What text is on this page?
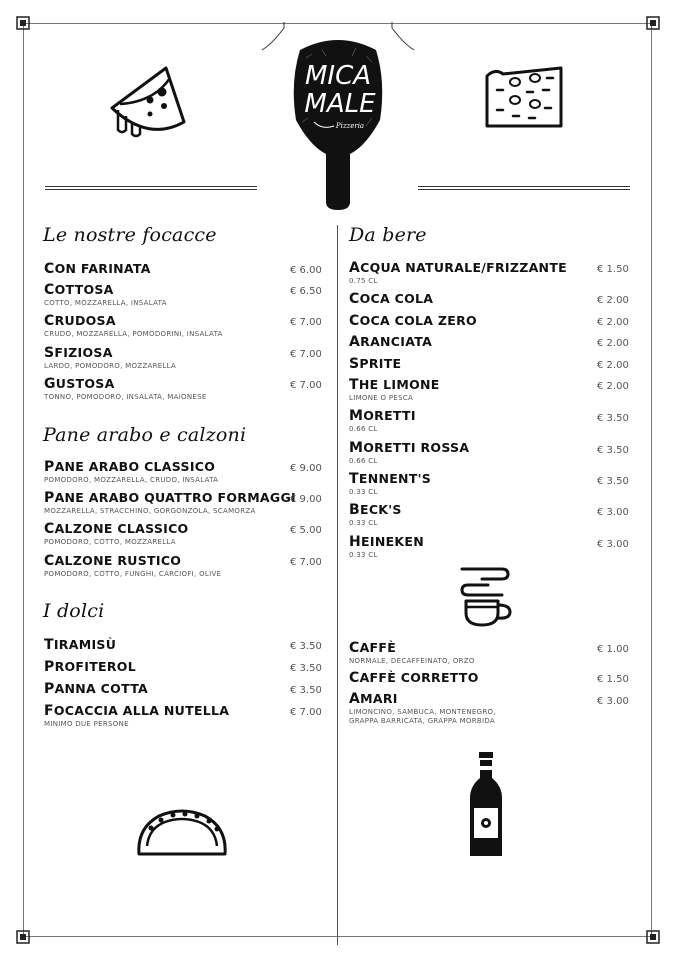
MICA
MALE
Pizzeria
Le nostre focacce
CON FARINATA	€ 6.00
COTTOSA
COTTO, MOZZARELLA, INSALATA
€ 6.50
CRUDOSA
CRUDO, MOZZARELLA, POMODORINI, INSALATA
€ 7.00
SFIZIOSA
LARDO, POMODORO, MOZZARELLA
€ 7.00
GUSTOSA
TONNO, POMODORO, INSALATA, MAIONESE
€ 7.00
Pane arabo e calzoni
PANE ARABO CLASSICO
POMODORO, MOZZARELLA, CRUDO, INSALATA
€ 9.00
PANE ARABO QUATTRO FORMAGGI
MOZZARELLA, STRACCHINO, GORGONZOLA, SCAMORZA
€ 9.00
CALZONE CLASSICO
POMODORO, COTTO, MOZZARELLA
€ 5.00
CALZONE RUSTICO
POMODORO, COTTO, FUNGHI, CARCIOFI, OLIVE
€ 7.00
I dolci
TIRAMISÙ	€ 3.50
PROFITEROL	€ 3.50
PANNA COTTA	€ 3.50
FOCACCIA ALLA NUTELLA
MINIMO DUE PERSONE
€ 7.00
Da bere
ACQUA NATURALE/FRIZZANTE
0.75 CL
€ 1.50
COCA COLA	€ 2.00
COCA COLA ZERO	€ 2.00
ARANCIATA	€ 2.00
SPRITE	€ 2.00
THE LIMONE
LIMONE O PESCA
€ 2.00
MORETTI
0.66 CL
€ 3.50
MORETTI ROSSA
0.66 CL
€ 3.50
TENNENT'S
0.33 CL
€ 3.50
BECK'S
0.33 CL
€ 3.00
HEINEKEN
0.33 CL
€ 3.00
CAFFÈ
NORMALE, DECAFFEINATO, ORZO
€ 1.00
CAFFÈ CORRETTO	€ 1.50
AMARI
LIMONCINO, SAMBUCA, MONTENEGRO,
GRAPPA BARRICATA, GRAPPA MORBIDA
€ 3.00
